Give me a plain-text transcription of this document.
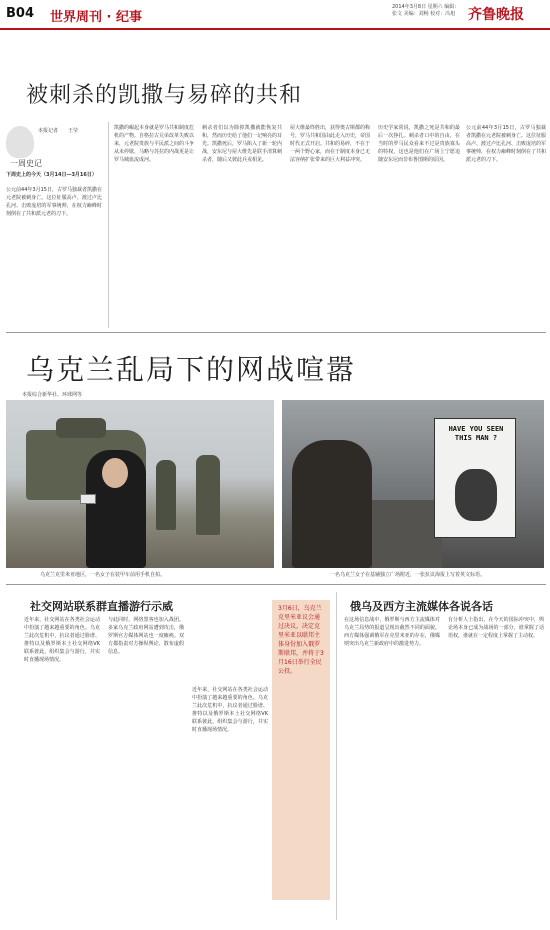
B04 世界周刊 · 纪事
2014年3月8日 星期六 编辑：张文 美编：刘畅 校对：冯旭 齐鲁晚报
被刺杀的凯撒与易碎的共和
本报记者 王莹
一周史记
下周史上的今天（3月14日—3月16日）
公元前44年3月15日，古罗马独裁者凯撒在元老院被刺身亡。这位征服高卢、渡过卢比孔河、击败庞培的军事统帅，在权力巅峰时刻倒在了共和派元老的刀下。
凯撒的崛起本身就是罗马共和制度危机的产物。自格拉古兄弟改革失败以来，元老院贵族与平民派之间的斗争从未停歇，马略与苏拉的内战更是让罗马城血流成河。
刺杀者们以为除掉凯撒就能恢复共和，然而历史给了他们一记响亮的耳光。凯撒死后，罗马陷入了新一轮内战，安东尼与屋大维先是联手清算刺杀者，随后又彼此兵戎相见。
屋大维最终胜出，获得奥古斯都的称号，罗马共和国由此走入历史，帝国时代正式开启。共和的易碎，不在于一两个野心家，而在于制度本身已无法容纳扩张带来的巨大利益冲突。
历史学家常说，凯撒之死是共和的最后一次挣扎。刺杀者口中的自由，在当时的罗马民众看来不过是贵族寡头的特权，这也是他们在广场上宁愿追随安东尼而非布鲁图斯的原因。
公元前44年3月15日，古罗马独裁者凯撒在元老院被刺身亡。这位征服高卢、渡过卢比孔河、击败庞培的军事统帅，在权力巅峰时刻倒在了共和派元老的刀下。
乌克兰乱局下的网战喧嚣
本报综合新华社、环球网等
乌克兰克里米亚地区，一名女子在装甲车前用手机自拍。
HAVE YOU SEEN THIS MAN ?
一名乌克兰女子在基辅独立广场附近，一张抗议海报上写着英文标语。
社交网站联系群直播游行示威
近年来，社交网站在各类社会运动中扮演了越来越重要的角色。乌克兰此次危机中，抗议者通过脸谱、推特以及俄罗斯本土社交网络VK联系彼此，组织集会与游行，并实时直播现场情况。
与此同时，网络黑客也加入战团。多家乌克兰政府网站遭到攻击，俄罗斯官方媒体网站也一度瘫痪。双方都指责对方操纵舆论、散布虚假信息。
近年来，社交网站在各类社会运动中扮演了越来越重要的角色。乌克兰此次危机中，抗议者通过脸谱、推特以及俄罗斯本土社交网络VK联系彼此，组织集会与游行，并实时直播现场情况。
3月6日，乌克兰克里米亚议会通过决议，决定克里米亚以联邦主体身份加入俄罗斯联邦，并将于3月16日举行全民公投。
俄乌及西方主流媒体各说各话
在这场信息战中，俄罗斯与西方主流媒体对乌克兰局势的报道呈现出截然不同的面貌。西方媒体强调俄军在克里米亚的存在，俄媒则突出乌克兰新政府中的激进势力。
有分析人士指出，在今天的国际冲突中，舆论场本身已成为战场的一部分，谁掌握了话语权，谁就在一定程度上掌握了主动权。
